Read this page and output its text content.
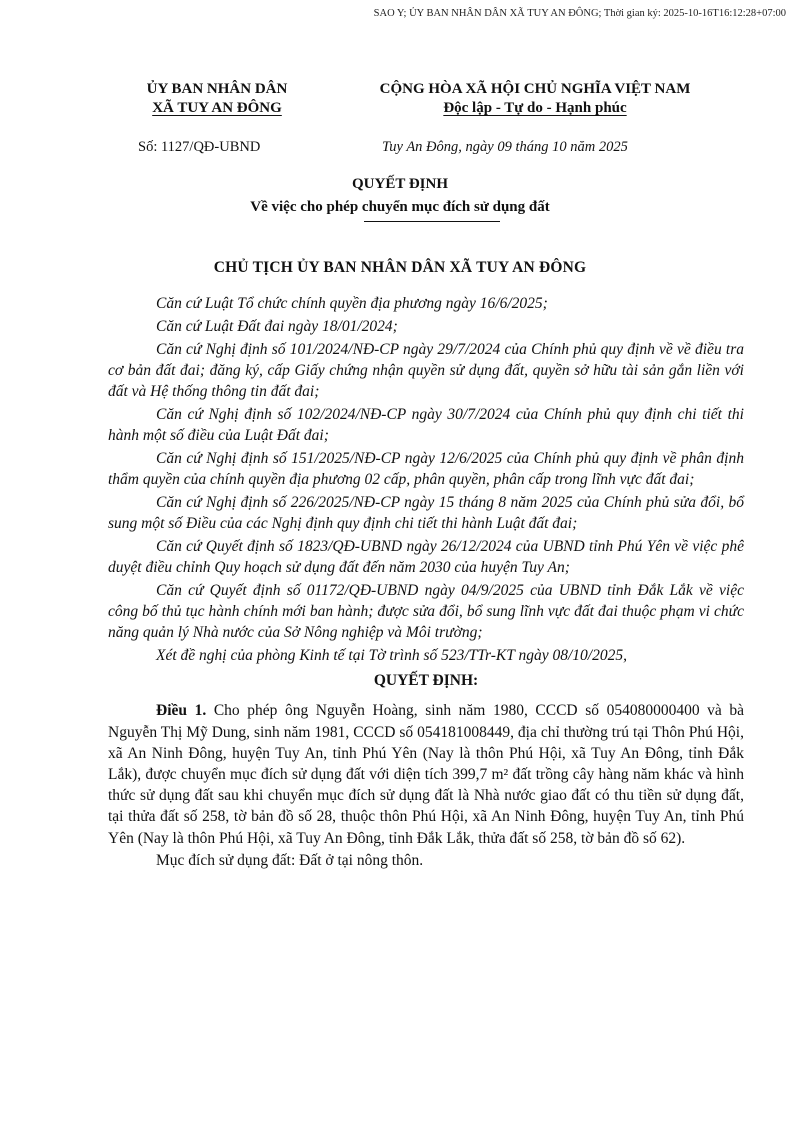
SAO Y; ỦY BAN NHÂN DÂN XÃ TUY AN ĐÔNG; Thời gian ký: 2025-10-16T16:12:28+07:00
ỦY BAN NHÂN DÂN
XÃ TUY AN ĐÔNG
CỘNG HÒA XÃ HỘI CHỦ NGHĨA VIỆT NAM
Độc lập - Tự do - Hạnh phúc
Số: 1127/QĐ-UBND	Tuy An Đông, ngày 09 tháng 10 năm 2025
QUYẾT ĐỊNH
Về việc cho phép chuyển mục đích sử dụng đất
CHỦ TỊCH ỦY BAN NHÂN DÂN XÃ TUY AN ĐÔNG

Căn cứ Luật Tổ chức chính quyền địa phương ngày 16/6/2025;

Căn cứ Luật Đất đai ngày 18/01/2024;

Căn cứ Nghị định số 101/2024/NĐ-CP ngày 29/7/2024 của Chính phủ quy định về về điều tra cơ bản đất đai; đăng ký, cấp Giấy chứng nhận quyền sử dụng đất, quyền sở hữu tài sản gắn liền với đất và Hệ thống thông tin đất đai;

Căn cứ Nghị định số 102/2024/NĐ-CP ngày 30/7/2024 của Chính phủ quy định chi tiết thi hành một số điều của Luật Đất đai;

Căn cứ Nghị định số 151/2025/NĐ-CP ngày 12/6/2025 của Chính phủ quy định về phân định thẩm quyền của chính quyền địa phương 02 cấp, phân quyền, phân cấp trong lĩnh vực đất đai;

Căn cứ Nghị định số 226/2025/NĐ-CP ngày 15 tháng 8 năm 2025 của Chính phủ sửa đổi, bổ sung một số Điều của các Nghị định quy định chi tiết thi hành Luật đất đai;

Căn cứ Quyết định số 1823/QĐ-UBND ngày 26/12/2024 của UBND tỉnh Phú Yên về việc phê duyệt điều chỉnh Quy hoạch sử dụng đất đến năm 2030 của huyện Tuy An;

Căn cứ Quyết định số 01172/QĐ-UBND ngày 04/9/2025 của UBND tỉnh Đắk Lắk về việc công bố thủ tục hành chính mới ban hành; được sửa đổi, bổ sung lĩnh vực đất đai thuộc phạm vi chức năng quản lý Nhà nước của Sở Nông nghiệp và Môi trường;

Xét đề nghị của phòng Kinh tế tại Tờ trình số 523/TTr-KT ngày 08/10/2025,

QUYẾT ĐỊNH:

Điều 1. Cho phép ông Nguyễn Hoàng, sinh năm 1980, CCCD số 054080000400 và bà Nguyễn Thị Mỹ Dung, sinh năm 1981, CCCD số 054181008449, địa chỉ thường trú tại Thôn Phú Hội, xã An Ninh Đông, huyện Tuy An, tỉnh Phú Yên (Nay là thôn Phú Hội, xã Tuy An Đông, tỉnh Đắk Lắk), được chuyển mục đích sử dụng đất với diện tích 399,7 m² đất trồng cây hàng năm khác và hình thức sử dụng đất sau khi chuyển mục đích sử dụng đất là Nhà nước giao đất có thu tiền sử dụng đất, tại thửa đất số 258, tờ bản đồ số 28, thuộc thôn Phú Hội, xã An Ninh Đông, huyện Tuy An, tỉnh Phú Yên (Nay là thôn Phú Hội, xã Tuy An Đông, tỉnh Đắk Lắk, thửa đất số 258, tờ bản đồ số 62).

Mục đích sử dụng đất: Đất ở tại nông thôn.
